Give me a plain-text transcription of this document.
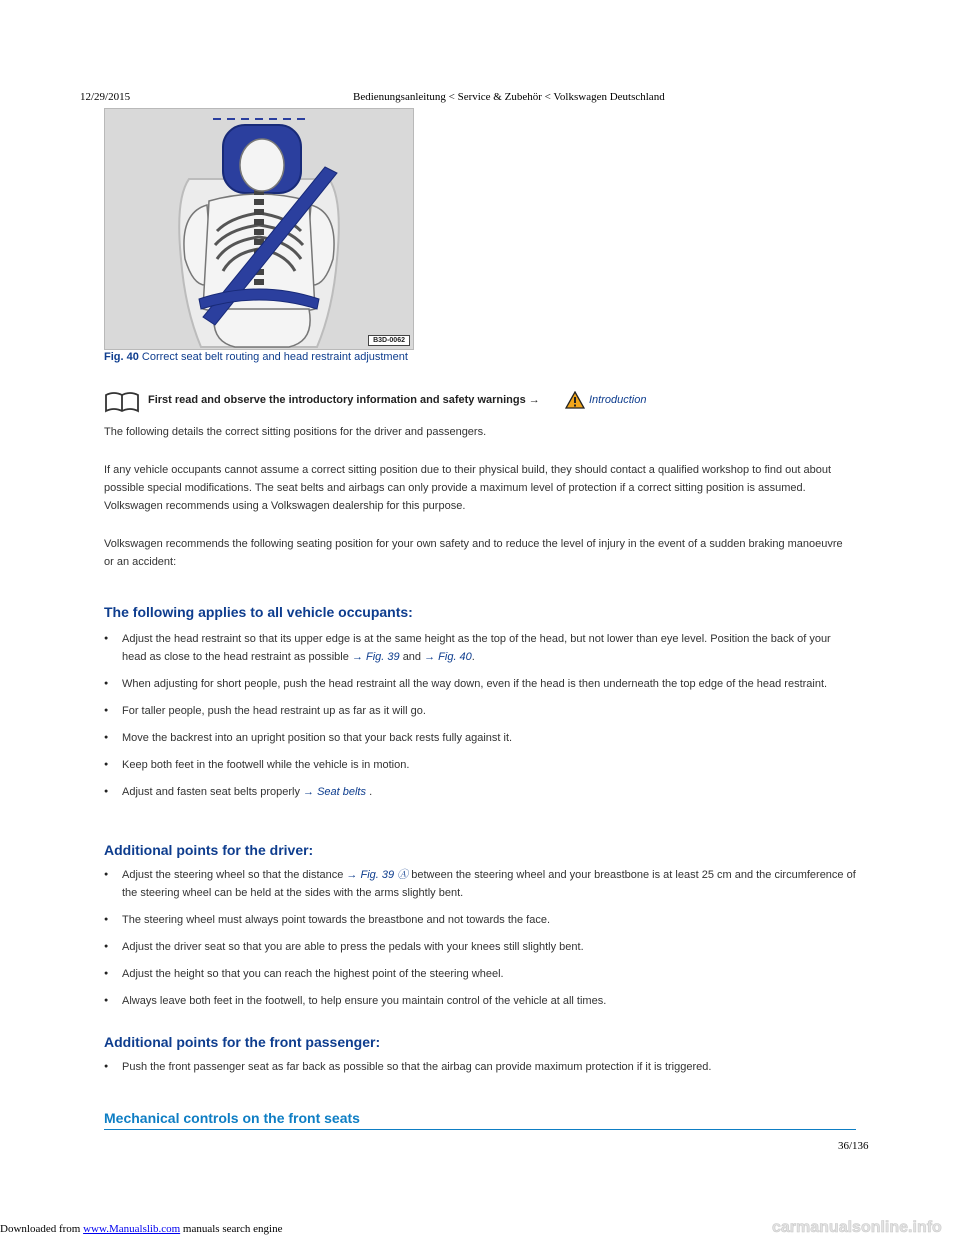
12/29/2015	Bedienungsanleitung < Service & Zubehör < Volkswagen Deutschland
B3D-0062
Fig. 40 Correct seat belt routing and head restraint adjustment
First read and observe the introductory information and safety warnings →	Introduction

The following details the correct sitting positions for the driver and passengers.

If any vehicle occupants cannot assume a correct sitting position due to their physical build, they should contact a qualified workshop to find out about possible special modifications. The seat belts and airbags can only provide a maximum level of protection if a correct sitting position is assumed. Volkswagen recommends using a Volkswagen dealership for this purpose.

Volkswagen recommends the following seating position for your own safety and to reduce the level of injury in the event of a sudden braking manoeuvre or an accident:

The following applies to all vehicle occupants:
● Adjust the head restraint so that its upper edge is at the same height as the top of the head, but not lower than eye level. Position the back of your head as close to the head restraint as possible → Fig. 39 and → Fig. 40.
● When adjusting for short people, push the head restraint all the way down, even if the head is then underneath the top edge of the head restraint.
● For taller people, push the head restraint up as far as it will go.
● Move the backrest into an upright position so that your back rests fully against it.
● Keep both feet in the footwell while the vehicle is in motion.
● Adjust and fasten seat belts properly → Seat belts .
Additional points for the driver:
● Adjust the steering wheel so that the distance → Fig. 39 Ⓐ between the steering wheel and your breastbone is at least 25 cm and the circumference of the steering wheel can be held at the sides with the arms slightly bent.
● The steering wheel must always point towards the breastbone and not towards the face.
● Adjust the driver seat so that you are able to press the pedals with your knees still slightly bent.
● Adjust the height so that you can reach the highest point of the steering wheel.
● Always leave both feet in the footwell, to help ensure you maintain control of the vehicle at all times.
Additional points for the front passenger:
● Push the front passenger seat as far back as possible so that the airbag can provide maximum protection if it is triggered.
Mechanical controls on the front seats
36/136
Downloaded from www.Manualslib.com manuals search engine	carmanualsonline.info
